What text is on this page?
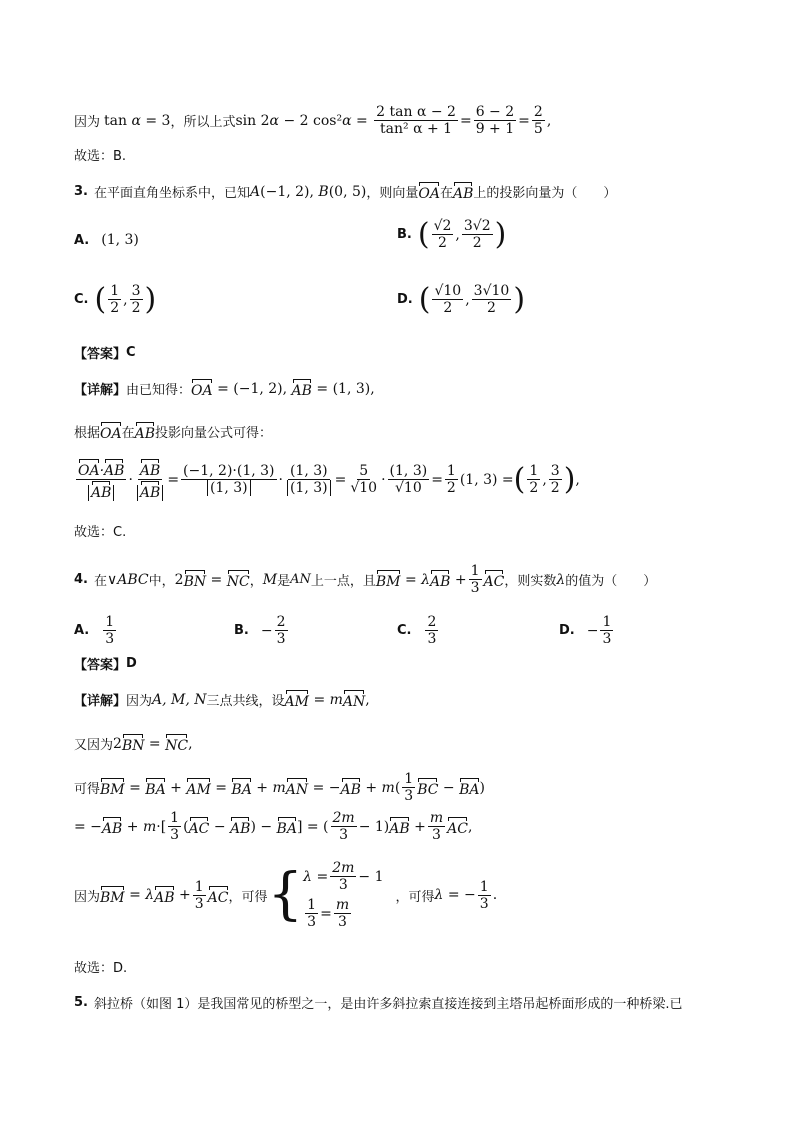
因为 tan α = 3 ，所以上式 sin 2 α − 2 cos² $\alpha = \frac{\text{2 tan α − 2}}{\text{tan² α + 1}} = \frac{6 - 2}{9 + 1} = \frac{2}{5}$ ,
故选：B.
3. 在平面直角坐标系中，已知 A (−1, 2), B (0, 5) ，则向量 OA 在 AB 上的投影向量为（　　）
A. (1, 3)	B. ( $\frac{√2}{2}$ , $\frac{3√2}{2}$ )
C. ( $\frac{1}{2}$ , $\frac{3}{2}$ )	D. ( $\frac{√10}{2}$ , $\frac{3√10}{2}$ )
【答案】 C
【详解】 由已知得： OA = (−1, 2), AB = (1, 3),
根据 OA 在 AB 投影向量公式可得：
$\frac{OA\cdot AB}{AB} \cdot \frac{AB}{AB} = \frac{(-1, 2)\cdot(1, 3)}{(1, 3)} \cdot \frac{(1, 3)}{(1, 3)} = \frac{5}{√10} \cdot \frac{(1, 3)}{√10} = \frac{1}{2} (1$, 3) = ( $\frac{1}{2}$ , $\frac{3}{2}$ ) ,
故选：C.
4. 在 ∨ ABC 中， 2 BN = NC ， M 是 AN 上一点，且 BM = λ AB + $\frac{1}{3}$ AC ，则实数 λ 的值为（　　）
A. $\frac{1}{3}$	B. − $\frac{2}{3}$	C. $\frac{2}{3}$	D. − $\frac{1}{3}$
【答案】 D
【详解】 因为 A, M, N 三点共线，设 AM = m AN ,
又因为 2 BN = NC ,
可得 BM = BA + AM = BA + m AN = − AB + m ( $\frac{1}{3}$ BC − BA )
= − AB + m ·[ $\frac{1}{3}$ ( AC − AB ) − BA ] = ( $\frac{2m}{3} - 1$) AB + $\frac{m}{3}$ AC ,
因为 BM = λ AB + $\frac{1}{3}$ AC ，可得 { $\lambda = \frac{2m}{3} - 1$
$\frac{1}{3} = \frac{m}{3}$	，可得 λ = − $\frac{1}{3}$ .
故选：D.
5. 斜拉桥（如图 1）是我国常见的桥型之一，是由许多斜拉索直接连接到主塔吊起桥面形成的一种桥梁.已
